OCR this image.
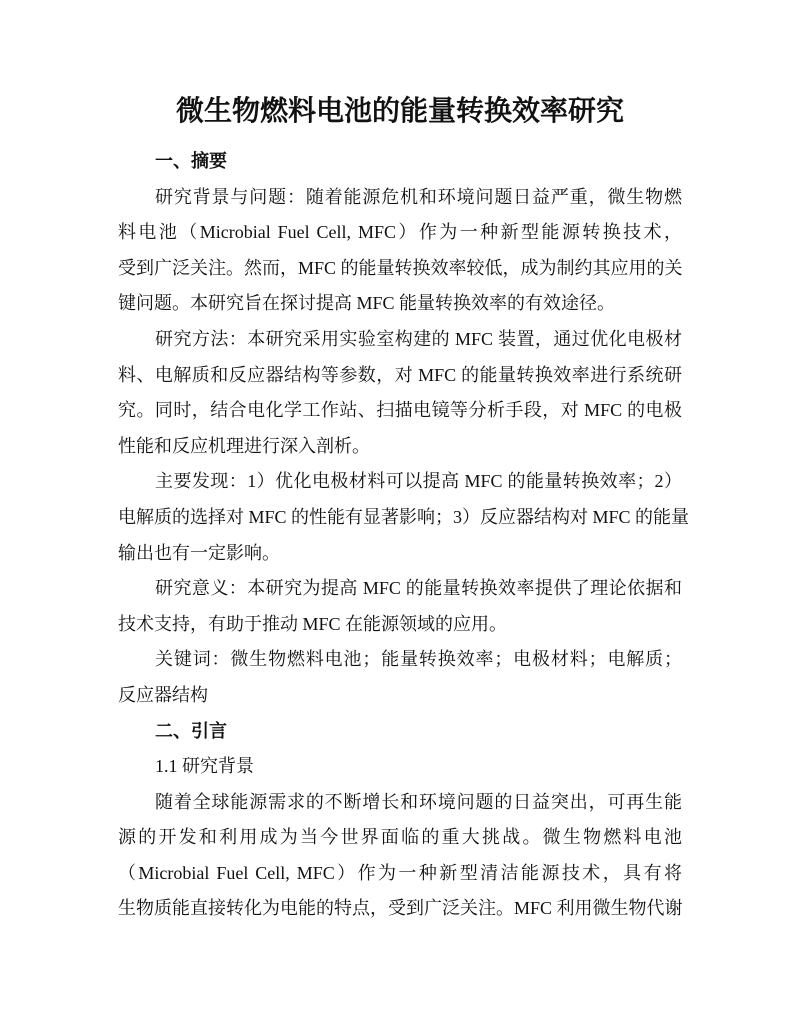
微生物燃料电池的能量转换效率研究
一、摘要
研究背景与问题：随着能源危机和环境问题日益严重，微生物燃
料电池（Microbial Fuel Cell, MFC）作为一种新型能源转换技术，
受到广泛关注。然而，MFC 的能量转换效率较低，成为制约其应用的关
键问题。本研究旨在探讨提高 MFC 能量转换效率的有效途径。
研究方法：本研究采用实验室构建的 MFC 装置，通过优化电极材
料、电解质和反应器结构等参数，对 MFC 的能量转换效率进行系统研
究。同时，结合电化学工作站、扫描电镜等分析手段，对 MFC 的电极
性能和反应机理进行深入剖析。
主要发现：1）优化电极材料可以提高 MFC 的能量转换效率；2）
电解质的选择对 MFC 的性能有显著影响；3）反应器结构对 MFC 的能量
输出也有一定影响。
研究意义：本研究为提高 MFC 的能量转换效率提供了理论依据和
技术支持，有助于推动 MFC 在能源领域的应用。
关键词：微生物燃料电池；能量转换效率；电极材料；电解质；
反应器结构
二、引言
1.1 研究背景
随着全球能源需求的不断增长和环境问题的日益突出，可再生能
源的开发和利用成为当今世界面临的重大挑战。微生物燃料电池
（Microbial Fuel Cell, MFC）作为一种新型清洁能源技术，具有将
生物质能直接转化为电能的特点，受到广泛关注。MFC 利用微生物代谢
